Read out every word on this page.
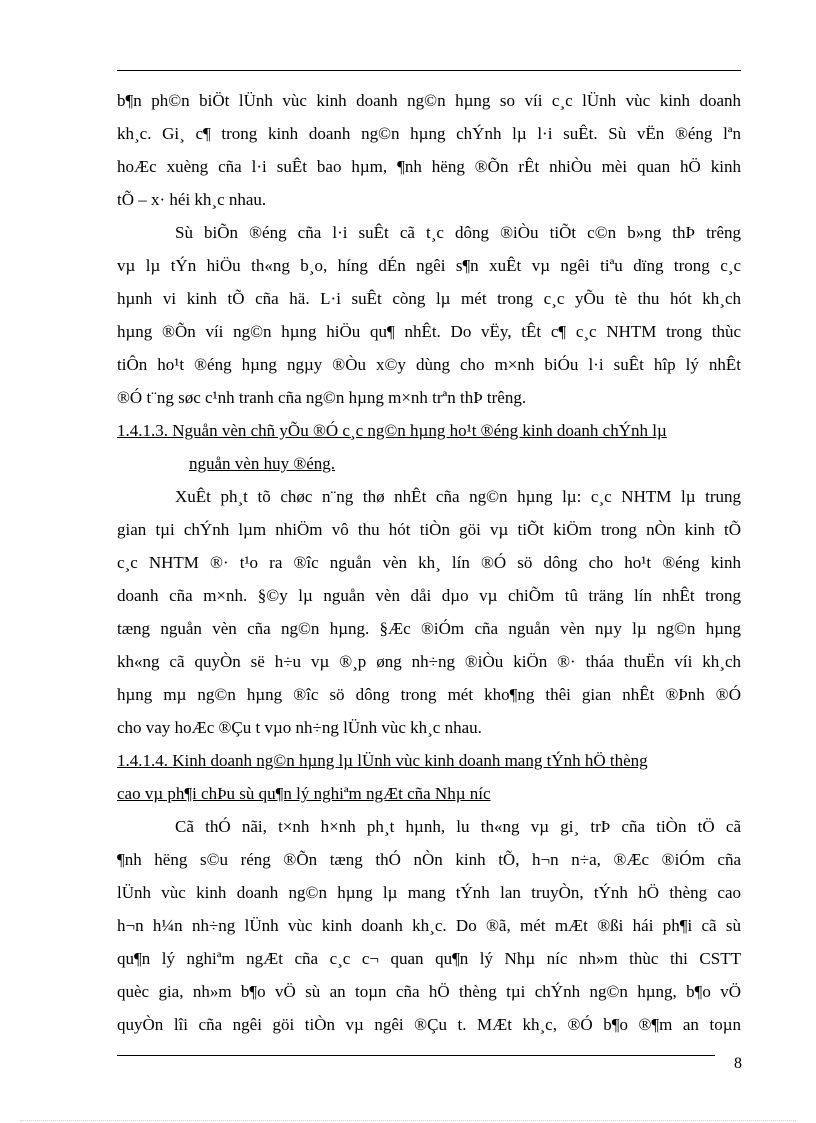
b¶n ph©n biÖt lÜnh vùc kinh doanh ng©n hµng so víi c¸c lÜnh vùc kinh doanh
kh¸c. Gi¸ c¶ trong kinh doanh ng©n hµng chÝnh lµ l·i suÊt. Sù vËn ®éng lªn
hoÆc xuèng cña l·i suÊt bao hµm, ¶nh hëng ®Õn rÊt nhiÒu mèi quan hÖ kinh
tÕ – x· héi kh¸c nhau.
Sù biÕn ®éng cña l·i suÊt cã t¸c dông ®iÒu tiÕt c©n b»ng thÞ trêng
vµ lµ tÝn hiÖu th«ng b¸o, híng dÉn ngêi s¶n xuÊt vµ ngêi tiªu dïng trong c¸c
hµnh vi kinh tÕ cña hä. L·i suÊt còng lµ mét trong c¸c yÕu tè thu hót kh¸ch
hµng ®Õn víi ng©n hµng hiÖu qu¶ nhÊt. Do vËy, tÊt c¶ c¸c NHTM trong thùc
tiÔn ho¹t ®éng hµng ngµy ®Òu x©y dùng cho m×nh biÓu l·i suÊt hîp lý nhÊt
®Ó t¨ng søc c¹nh tranh cña ng©n hµng m×nh trªn thÞ trêng.
1.4.1.3. Nguån vèn chñ yÕu ®Ó c¸c ng©n hµng ho¹t ®éng kinh doanh chÝnh lµ
nguån vèn huy ®éng.
XuÊt ph¸t tõ chøc n¨ng thø nhÊt cña ng©n hµng lµ: c¸c NHTM lµ trung
gian tµi chÝnh lµm nhiÖm vô thu hót tiÒn göi vµ tiÕt kiÖm trong nÒn kinh tÕ
c¸c NHTM ®· t¹o ra ®îc nguån vèn kh¸ lín ®Ó sö dông cho ho¹t ®éng kinh
doanh cña m×nh. §©y lµ nguån vèn dåi dµo vµ chiÕm tû träng lín nhÊt trong
tæng nguån vèn cña ng©n hµng. §Æc ®iÓm cña nguån vèn nµy lµ ng©n hµng
kh«ng cã quyÒn së h÷u vµ ®¸p øng nh÷ng ®iÒu kiÖn ®· tháa thuËn víi kh¸ch
hµng mµ ng©n hµng ®îc sö dông trong mét kho¶ng thêi gian nhÊt ®Þnh ®Ó
cho vay hoÆc ®Çu t vµo nh÷ng lÜnh vùc kh¸c nhau.
1.4.1.4. Kinh doanh ng©n hµng lµ lÜnh vùc kinh doanh mang tÝnh hÖ thèng
cao vµ ph¶i chÞu sù qu¶n lý nghiªm ngÆt cña Nhµ níc
Cã thÓ nãi, t×nh h×nh ph¸t hµnh, lu th«ng vµ gi¸ trÞ cña tiÒn tÖ cã
¶nh hëng s©u réng ®Õn tæng thÓ nÒn kinh tÕ, h¬n n÷a, ®Æc ®iÓm cña
lÜnh vùc kinh doanh ng©n hµng lµ mang tÝnh lan truyÒn, tÝnh hÖ thèng cao
h¬n h¼n nh÷ng lÜnh vùc kinh doanh kh¸c. Do ®ã, mét mÆt ®ßi hái ph¶i cã sù
qu¶n lý nghiªm ngÆt cña c¸c c¬ quan qu¶n lý Nhµ níc nh»m thùc thi CSTT
quèc gia, nh»m b¶o vÖ sù an toµn cña hÖ thèng tµi chÝnh ng©n hµng, b¶o vÖ
quyÒn lîi cña ngêi göi tiÒn vµ ngêi ®Çu t. MÆt kh¸c, ®Ó b¶o ®¶m an toµn
8
